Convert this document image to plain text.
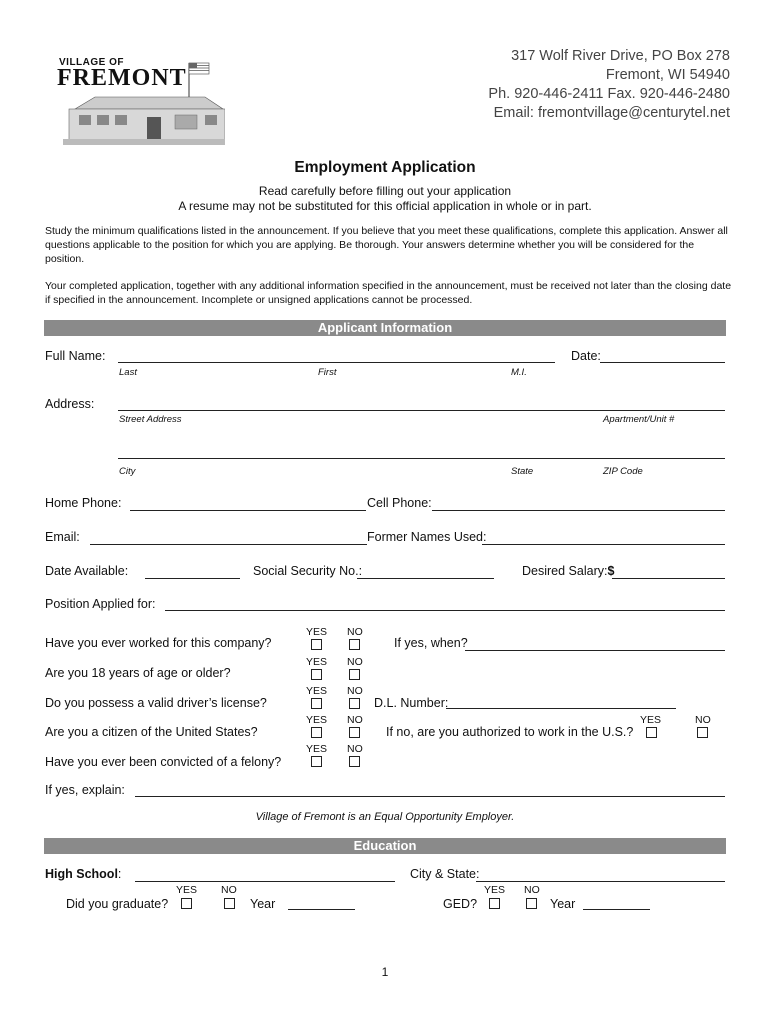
VILLAGE OF
FREMONT
317 Wolf River Drive, PO Box 278
Fremont, WI 54940
Ph. 920-446-2411 Fax. 920-446-2480
Email: fremontvillage@centurytel.net
Employment Application
Read carefully before filling out your application
A resume may not be substituted for this official application in whole or in part.
Study the minimum qualifications listed in the announcement. If you believe that you meet these qualifications, complete this application. Answer all questions applicable to the position for which you are applying. Be thorough. Your answers determine whether you will be considered for the position.
Your completed application, together with any additional information specified in the announcement, must be received not later than the closing date if specified in the announcement. Incomplete or unsigned applications cannot be processed.
Applicant Information
Full Name:	Date:
Last	First	M.I.
Address:
Street Address	Apartment/Unit #
City	State	ZIP Code
Home Phone:	Cell Phone:
Email:	Former Names Used:
Date Available:	Social Security No.:	Desired Salary:$
Position Applied for:
YES NO
Have you ever worked for this company?	If yes, when?
YES NO
Are you 18 years of age or older?
YES NO
Do you possess a valid driver’s license?	D.L. Number:
YES NO	YES	NO
Are you a citizen of the United States?	If no, are you authorized to work in the U.S.?
YES NO
Have you ever been convicted of a felony?
If yes, explain:
Village of Fremont is an Equal Opportunity Employer.
Education
High School:	City & State:
YES NO	YES NO
Did you graduate?	Year	GED?	Year
1
